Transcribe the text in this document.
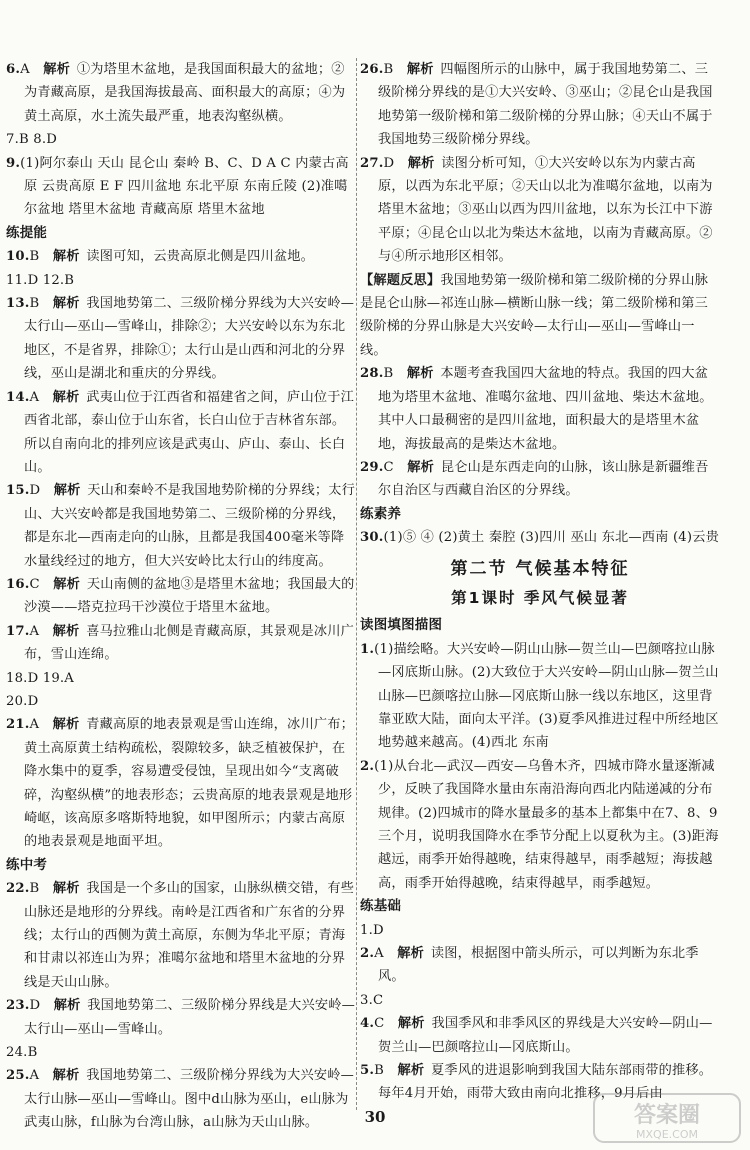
6.A  解析  ①为塔里木盆地，是我国面积最大的盆地；②为青藏高原，是我国海拔最高、面积最大的高原；④为黄土高原，水土流失最严重，地表沟壑纵横。

7.B 8.D

9.(1)阿尔泰山 天山 昆仑山 秦岭 B、C、D A C 内蒙古高原 云贵高原 E F 四川盆地 东北平原 东南丘陵 (2)准噶尔盆地 塔里木盆地 青藏高原 塔里木盆地

练提能

10.B  解析  读图可知，云贵高原北侧是四川盆地。

11.D 12.B

13.B  解析  我国地势第二、三级阶梯分界线为大兴安岭—太行山—巫山—雪峰山，排除②；大兴安岭以东为东北地区，不是省界，排除①；太行山是山西和河北的分界线，巫山是湖北和重庆的分界线。

14.A  解析  武夷山位于江西省和福建省之间，庐山位于江西省北部，泰山位于山东省，长白山位于吉林省东部。所以自南向北的排列应该是武夷山、庐山、泰山、长白山。

15.D  解析  天山和秦岭不是我国地势阶梯的分界线；太行山、大兴安岭都是我国地势第二、三级阶梯的分界线，都是东北—西南走向的山脉，且都是我国400毫米等降水量线经过的地方，但大兴安岭比太行山的纬度高。

16.C  解析  天山南侧的盆地③是塔里木盆地；我国最大的沙漠——塔克拉玛干沙漠位于塔里木盆地。

17.A  解析  喜马拉雅山北侧是青藏高原，其景观是冰川广布，雪山连绵。

18.D 19.A

20.D

21.A  解析  青藏高原的地表景观是雪山连绵，冰川广布；黄土高原黄土结构疏松，裂隙较多，缺乏植被保护，在降水集中的夏季，容易遭受侵蚀，呈现出如今“支离破碎，沟壑纵横”的地表形态；云贵高原的地表景观是地形崎岖，该高原多喀斯特地貌，如甲图所示；内蒙古高原的地表景观是地面平坦。

练中考

22.B  解析  我国是一个多山的国家，山脉纵横交错，有些山脉还是地形的分界线。南岭是江西省和广东省的分界线；太行山的西侧为黄土高原，东侧为华北平原；青海和甘肃以祁连山为界；准噶尔盆地和塔里木盆地的分界线是天山山脉。

23.D  解析  我国地势第二、三级阶梯分界线是大兴安岭—太行山—巫山—雪峰山。

24.B

25.A  解析  我国地势第二、三级阶梯分界线为大兴安岭—太行山脉—巫山—雪峰山。图中d山脉为巫山，e山脉为武夷山脉，f山脉为台湾山脉，a山脉为天山山脉。

26.B  解析  四幅图所示的山脉中，属于我国地势第二、三级阶梯分界线的是①大兴安岭、③巫山；②昆仑山是我国地势第一级阶梯和第二级阶梯的分界山脉；④天山不属于我国地势三级阶梯分界线。

27.D  解析  读图分析可知，①大兴安岭以东为内蒙古高原，以西为东北平原；②天山以北为准噶尔盆地，以南为塔里木盆地；③巫山以西为四川盆地，以东为长江中下游平原；④昆仑山以北为柴达木盆地，以南为青藏高原。②与④所示地形区相邻。

【解题反思】我国地势第一级阶梯和第二级阶梯的分界山脉是昆仑山脉—祁连山脉—横断山脉一线；第二级阶梯和第三级阶梯的分界山脉是大兴安岭—太行山—巫山—雪峰山一线。

28.B  解析  本题考查我国四大盆地的特点。我国的四大盆地为塔里木盆地、准噶尔盆地、四川盆地、柴达木盆地。其中人口最稠密的是四川盆地，面积最大的是塔里木盆地，海拔最高的是柴达木盆地。

29.C  解析  昆仑山是东西走向的山脉，该山脉是新疆维吾尔自治区与西藏自治区的分界线。

练素养

30.(1)⑤ ④ (2)黄土 秦腔 (3)四川 巫山 东北—西南 (4)云贵

第二节 气候基本特征

第1课时 季风气候显著

读图填图描图

1.(1)描绘略。大兴安岭—阴山山脉—贺兰山—巴颜喀拉山脉—冈底斯山脉。(2)大致位于大兴安岭—阴山山脉—贺兰山山脉—巴颜喀拉山脉—冈底斯山脉一线以东地区，这里背靠亚欧大陆，面向太平洋。(3)夏季风推进过程中所经地区地势越来越高。(4)西北 东南

2.(1)从台北—武汉—西安—乌鲁木齐，四城市降水量逐渐减少，反映了我国降水量由东南沿海向西北内陆递减的分布规律。(2)四城市的降水量最多的基本上都集中在7、8、9三个月，说明我国降水在季节分配上以夏秋为主。(3)距海越远，雨季开始得越晚，结束得越早，雨季越短；海拔越高，雨季开始得越晚，结束得越早，雨季越短。

练基础

1.D

2.A  解析  读图，根据图中箭头所示，可以判断为东北季风。

3.C

4.C  解析  我国季风和非季风区的界线是大兴安岭—阴山—贺兰山—巴颜喀拉山—冈底斯山。

5.B  解析  夏季风的进退影响到我国大陆东部雨带的推移。每年4月开始，雨带大致由南向北推移，9月后由

30	答案圈
MXQE.COM
